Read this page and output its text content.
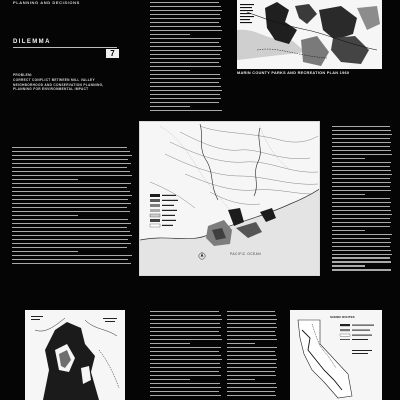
PLANNING AND DECISIONS
DILEMMA
7
PROBLEM:
CORRECT CONFLICT BETWEEN MILL VALLEY
NEIGHBORHOOD AND CONSERVATION PLANNING,
PLANNING FOR ENVIRONMENTAL IMPACT
MARIN COUNTY PARKS AND RECREATION PLAN 1960
PACIFIC OCEAN
SCENIC ROUTES
